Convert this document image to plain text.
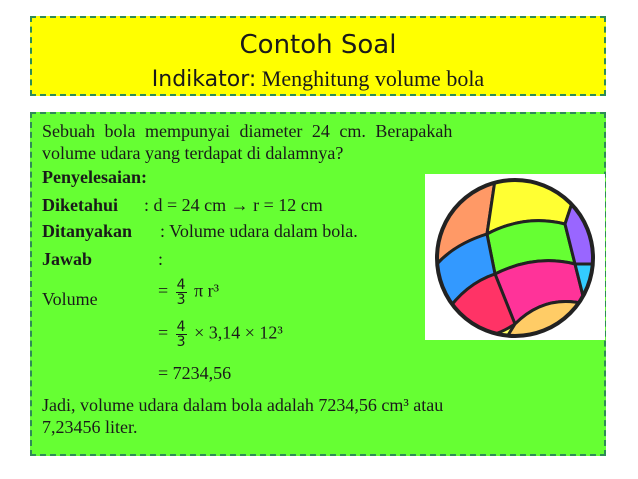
Contoh Soal
Indikator: Menghitung volume bola
Sebuah bola mempunyai diameter 24 cm. Berapakah
volume udara yang terdapat di dalamnya?
Penyelesaian:
Diketahui : d = 24 cm → r = 12 cm
Ditanyakan : Volume udara dalam bola.
Jawab	:
Volume	= $\frac{4}{3}$ π r³
= $\frac{4}{3} \times 3,14 \times 12^3$
= 7234,56
Jadi, volume udara dalam bola adalah 7234,56 cm³ atau
7,23456 liter.
